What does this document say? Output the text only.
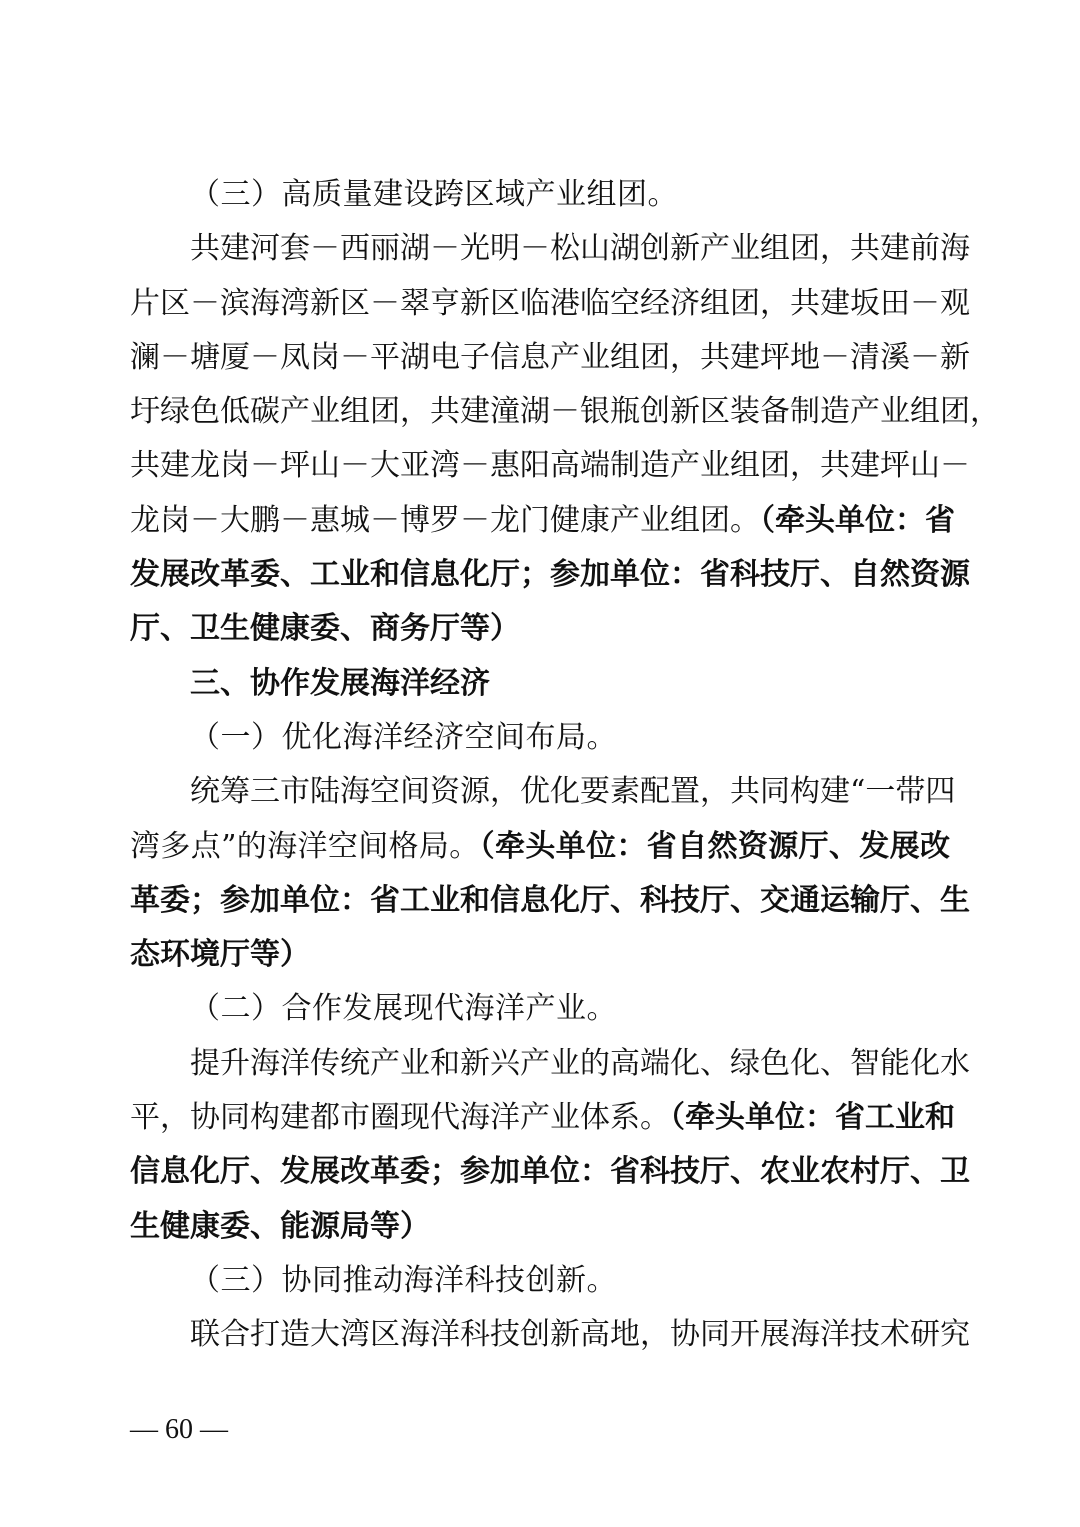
（三）高质量建设跨区域产业组团。
共建河套－西丽湖－光明－松山湖创新产业组团，共建前海
片区－滨海湾新区－翠亨新区临港临空经济组团，共建坂田－观
澜－塘厦－凤岗－平湖电子信息产业组团，共建坪地－清溪－新
圩绿色低碳产业组团，共建潼湖－银瓶创新区装备制造产业组团，
共建龙岗－坪山－大亚湾－惠阳高端制造产业组团，共建坪山－
龙岗－大鹏－惠城－博罗－龙门健康产业组团。（牵头单位：省
发展改革委、工业和信息化厅；参加单位：省科技厅、自然资源
厅、卫生健康委、商务厅等）
三、协作发展海洋经济
（一）优化海洋经济空间布局。
统筹三市陆海空间资源，优化要素配置，共同构建“一带四
湾多点”的海洋空间格局。（牵头单位：省自然资源厅、发展改
革委；参加单位：省工业和信息化厅、科技厅、交通运输厅、生
态环境厅等）
（二）合作发展现代海洋产业。
提升海洋传统产业和新兴产业的高端化、绿色化、智能化水
平，协同构建都市圈现代海洋产业体系。（牵头单位：省工业和
信息化厅、发展改革委；参加单位：省科技厅、农业农村厅、卫
生健康委、能源局等）
（三）协同推动海洋科技创新。
联合打造大湾区海洋科技创新高地，协同开展海洋技术研究
— 60 —
